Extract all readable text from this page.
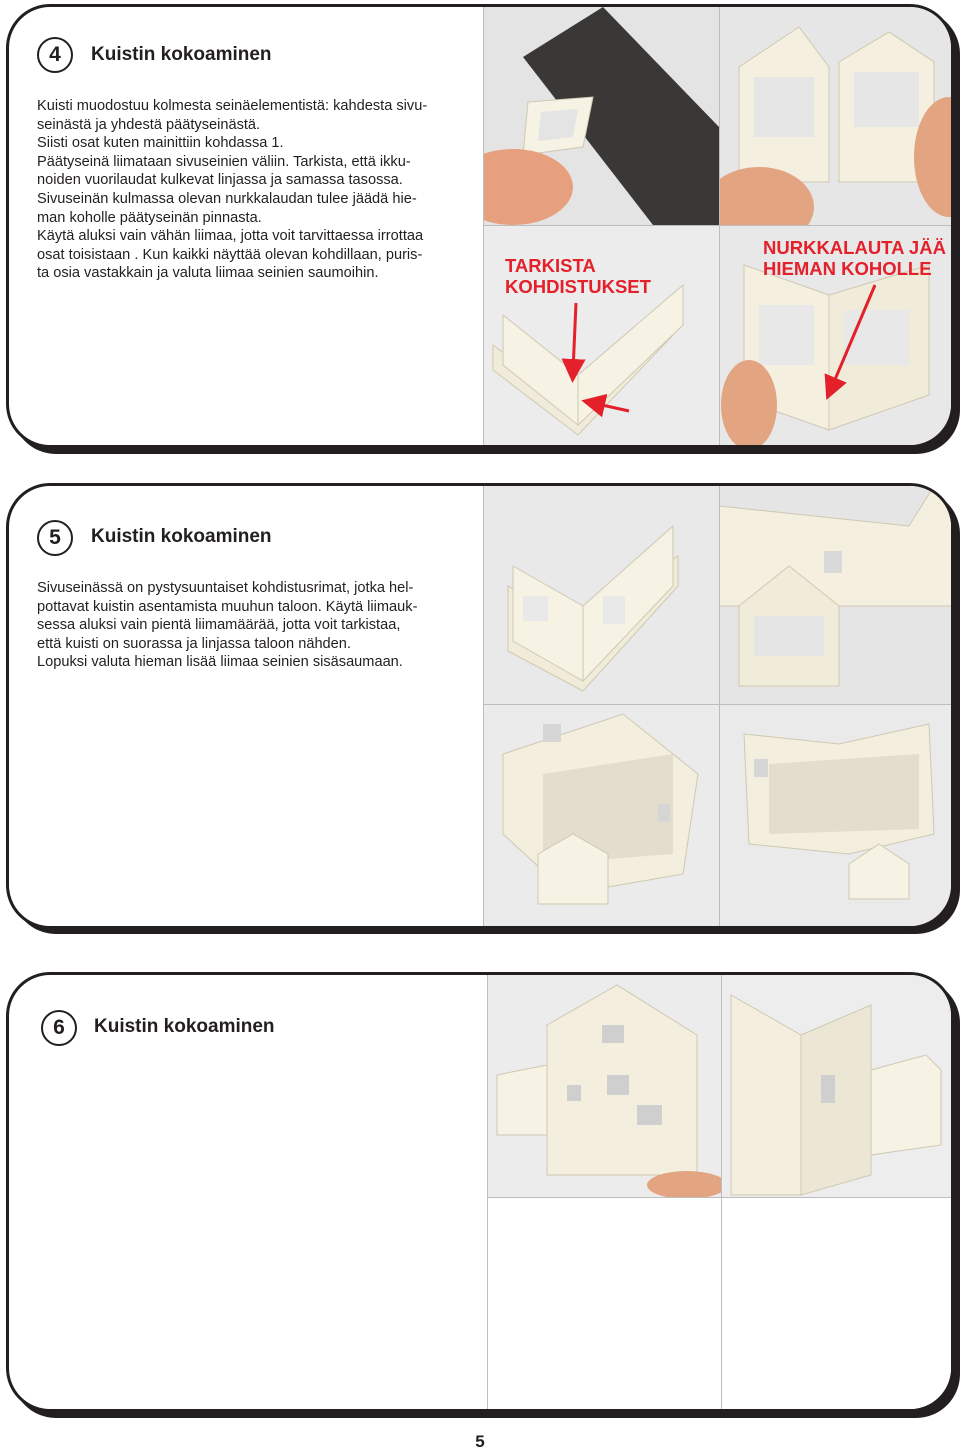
4	Kuistin kokoaminen

Kuisti muodostuu kolmesta seinäelementistä: kahdesta sivu-

seinästä ja yhdestä päätyseinästä.

Siisti osat kuten mainittiin kohdassa 1.

Päätyseinä liimataan sivuseinien väliin. Tarkista, että ikku-

noiden vuorilaudat kulkevat linjassa ja samassa tasossa.

Sivuseinän kulmassa olevan nurkkalaudan tulee jäädä hie-

man koholle päätyseinän pinnasta.

Käytä aluksi vain vähän liimaa, jotta voit tarvittaessa irrottaa

osat toisistaan . Kun kaikki näyttää olevan kohdillaan, puris-

ta osia vastakkain ja valuta liimaa seinien saumoihin.	TARKISTA
KOHDISTUKSET
NURKKALAUTA JÄÄ
HIEMAN KOHOLLE
5	Kuistin kokoaminen

Sivuseinässä on pystysuuntaiset kohdistusrimat, jotka hel-

pottavat kuistin asentamista muuhun taloon. Käytä liimauk-

sessa aluksi vain pientä liimamäärää, jotta voit tarkistaa,

että kuisti on suorassa ja linjassa taloon nähden.

Lopuksi valuta hieman lisää liimaa seinien sisäsaumaan.

6	Kuistin kokoaminen
5
